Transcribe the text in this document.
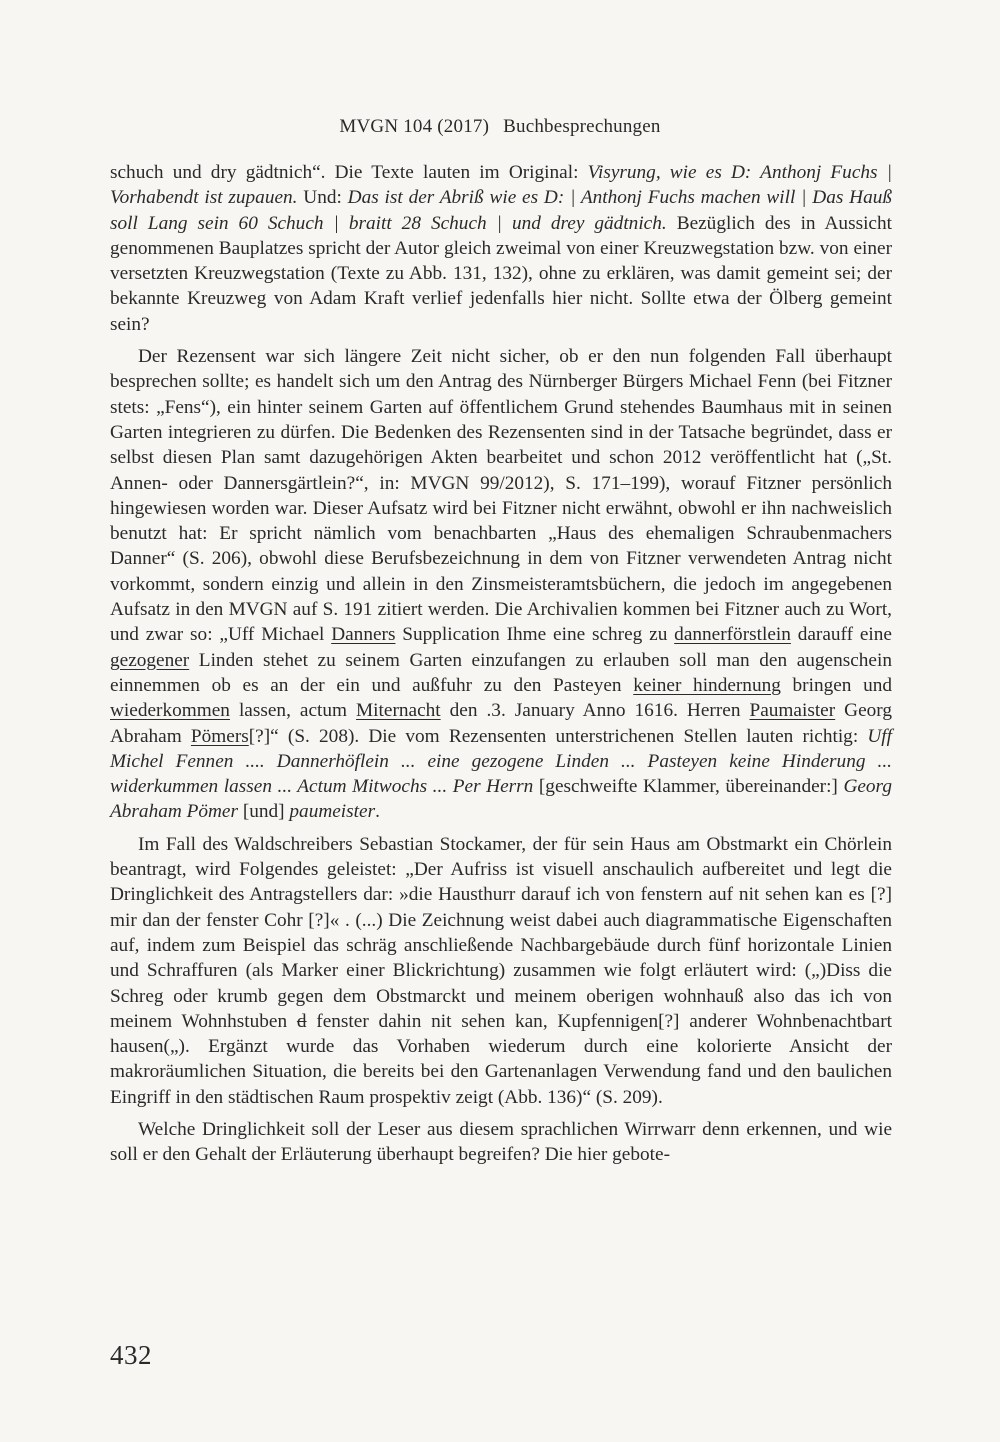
MVGN 104 (2017) Buchbesprechungen

schuch und dry gädtnich“. Die Texte lauten im Original: Visyrung, wie es D: Anthonj Fuchs | Vorhabendt ist zupauen. Und: Das ist der Abriß wie es D: | Anthonj Fuchs machen will | Das Hauß soll Lang sein 60 Schuch | braitt 28 Schuch | und drey gädtnich. Bezüglich des in Aussicht genommenen Bauplatzes spricht der Autor gleich zweimal von einer Kreuzwegstation bzw. von einer versetzten Kreuzwegstation (Texte zu Abb. 131, 132), ohne zu erklären, was damit gemeint sei; der bekannte Kreuzweg von Adam Kraft verlief jedenfalls hier nicht. Sollte etwa der Ölberg gemeint sein?

Der Rezensent war sich längere Zeit nicht sicher, ob er den nun folgenden Fall überhaupt besprechen sollte; es handelt sich um den Antrag des Nürnberger Bürgers Michael Fenn (bei Fitzner stets: „Fens“), ein hinter seinem Garten auf öffentlichem Grund stehendes Baumhaus mit in seinen Garten integrieren zu dürfen. Die Bedenken des Rezensenten sind in der Tatsache begründet, dass er selbst diesen Plan samt dazugehörigen Akten bearbeitet und schon 2012 veröffentlicht hat („St. Annen- oder Dannersgärtlein?“, in: MVGN 99/2012), S. 171–199), worauf Fitzner persönlich hingewiesen worden war. Dieser Aufsatz wird bei Fitzner nicht erwähnt, obwohl er ihn nachweislich benutzt hat: Er spricht nämlich vom benachbarten „Haus des ehemaligen Schraubenmachers Danner“ (S. 206), obwohl diese Berufsbezeichnung in dem von Fitzner verwendeten Antrag nicht vorkommt, sondern einzig und allein in den Zinsmeisteramtsbüchern, die jedoch im angegebenen Aufsatz in den MVGN auf S. 191 zitiert werden. Die Archivalien kommen bei Fitzner auch zu Wort, und zwar so: „Uff Michael Danners Supplication Ihme eine schreg zu dannerförstlein darauff eine gezogener Linden stehet zu seinem Garten einzufangen zu erlauben soll man den augenschein einnemmen ob es an der ein und außfuhr zu den Pasteyen keiner hindernung bringen und wiederkommen lassen, actum Miternacht den .3. January Anno 1616. Herren Paumaister Georg Abraham Pömers[?]“ (S. 208). Die vom Rezensenten unterstrichenen Stellen lauten richtig: Uff Michel Fennen .... Dannerhöflein ... eine gezogene Linden ... Pasteyen keine Hinderung ... widerkummen lassen ... Actum Mitwochs ... Per Herrn [geschweifte Klammer, übereinander:] Georg Abraham Pömer [und] paumeister.

Im Fall des Waldschreibers Sebastian Stockamer, der für sein Haus am Obstmarkt ein Chörlein beantragt, wird Folgendes geleistet: „Der Aufriss ist visuell anschaulich aufbereitet und legt die Dringlichkeit des Antragstellers dar: »die Hausthurr darauf ich von fenstern auf nit sehen kan es [?] mir dan der fenster Cohr [?]« . (...) Die Zeichnung weist dabei auch diagrammatische Eigenschaften auf, indem zum Beispiel das schräg anschließende Nachbargebäude durch fünf horizontale Linien und Schraffuren (als Marker einer Blickrichtung) zusammen wie folgt erläutert wird: („)Diss die Schreg oder krumb gegen dem Obstmarckt und meinem oberigen wohnhauß also das ich von meinem Wohnhstuben d fenster dahin nit sehen kan, Kupfennigen[?] anderer Wohnbenachtbart hausen(„). Ergänzt wurde das Vorhaben wiederum durch eine kolorierte Ansicht der makroräumlichen Situation, die bereits bei den Gartenanlagen Verwendung fand und den baulichen Eingriff in den städtischen Raum prospektiv zeigt (Abb. 136)“ (S. 209).

Welche Dringlichkeit soll der Leser aus diesem sprachlichen Wirrwarr denn erkennen, und wie soll er den Gehalt der Erläuterung überhaupt begreifen? Die hier gebote-

432
